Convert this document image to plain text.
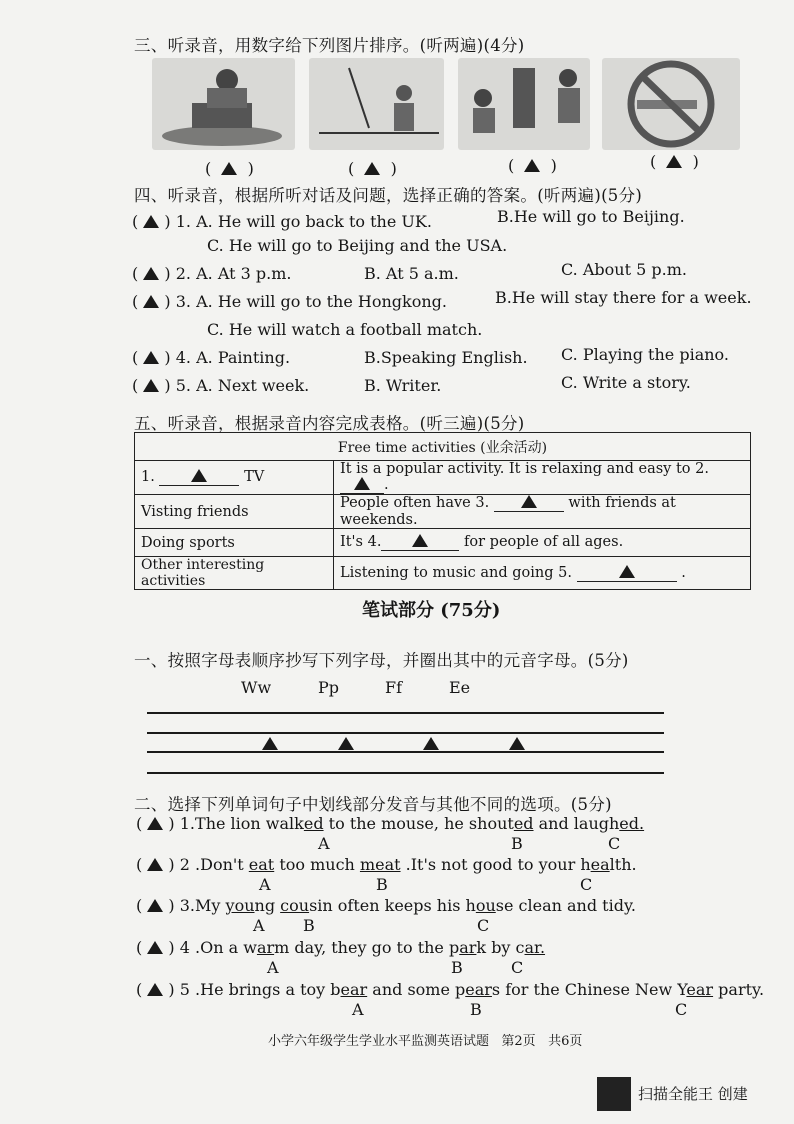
三、听录音，用数字给下列图片排序。(听两遍)(4分)
(    )	(    )	(    )	(    )
四、听录音，根据所听对话及问题，选择正确的答案。(听两遍)(5分)
(  ) 1. A. He will go back to the UK.	B.He will go to Beijing.
C. He will go to Beijing and the USA.
(  ) 2. A. At 3 p.m.	B. At 5 a.m.	C. About 5 p.m.
(  ) 3. A. He will go to the Hongkong.	B.He will stay there for a week.
C. He will watch a football match.
(  ) 4. A. Painting.	B.Speaking English. C. Playing the piano.
(  ) 5. A. Next week.	B. Writer.	C. Write a story.
五、听录音，根据录音内容完成表格。(听三遍)(5分)
Free time activities (业余活动)	
1. TV	It is a popular activity. It is relaxing and easy to 2..
Visting friends	People often have 3. with friends at weekends.
Doing sports	It's 4. for people of all ages.
Other interesting activities	Listening to music and going 5. .
笔试部分 (75分)
一、按照字母表顺序抄写下列字母，并圈出其中的元音字母。(5分)
Ww	Pp	Ff	Ee
二、选择下列单词句子中划线部分发音与其他不同的选项。(5分)
(  ) 1.The lion walked to the mouse, he shouted and laughed.
A	B	C
(  ) 2 .Don't eat too much meat .It's not good to your health.
A	B	C
(  ) 3.My young cousin often keeps his house clean and tidy.
A B	C
(  ) 4 .On a warm day, they go to the park by car.
A	B	C
(  ) 5 .He brings a toy bear and some pears for the Chinese New Year party.
A	B	C
小学六年级学生学业水平监测英语试题   第2页   共6页
扫描全能王 创建
